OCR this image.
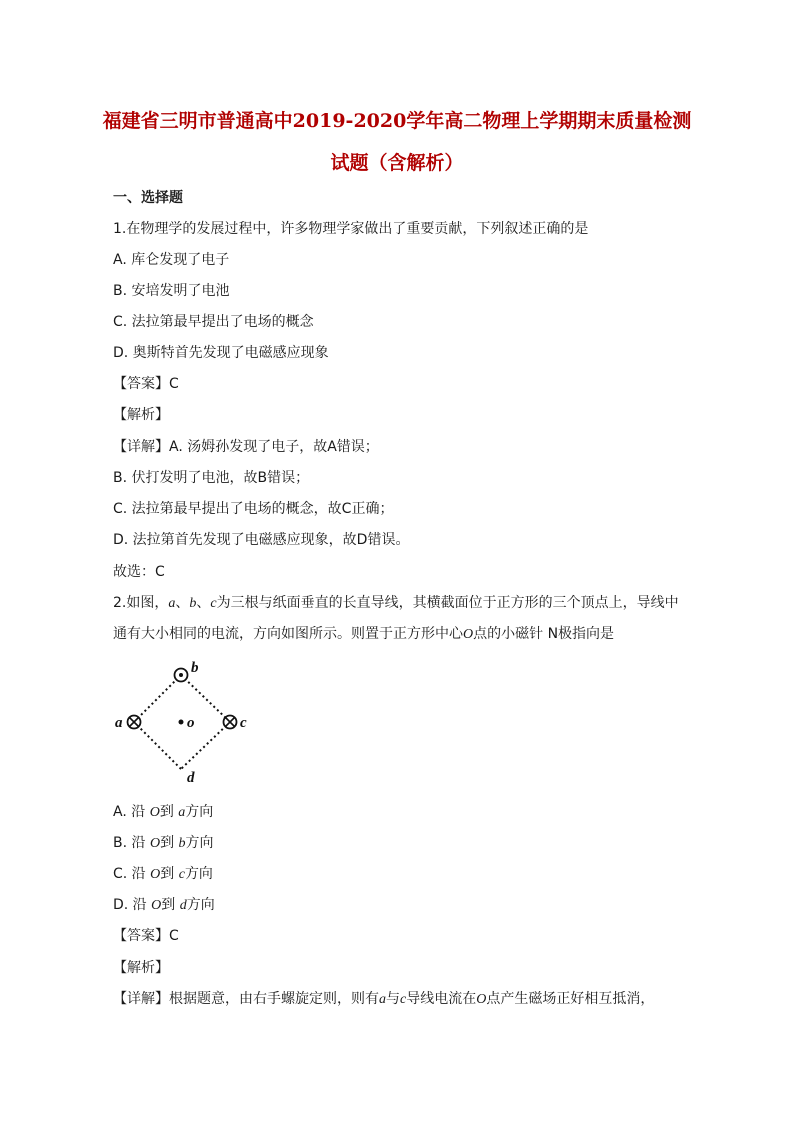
福建省三明市普通高中2019-2020学年高二物理上学期期末质量检测
试题（含解析）

一、选择题

1.在物理学的发展过程中，许多物理学家做出了重要贡献，下列叙述正确的是

A. 库仑发现了电子

B. 安培发明了电池

C. 法拉第最早提出了电场的概念

D. 奥斯特首先发现了电磁感应现象

【答案】C

【解析】

【详解】A. 汤姆孙发现了电子，故A错误；

B. 伏打发明了电池，故B错误；

C. 法拉第最早提出了电场的概念，故C正确；

D. 法拉第首先发现了电磁感应现象，故D错误。

故选：C

2.如图，a、b、c为三根与纸面垂直的长直导线，其横截面位于正方形的三个顶点上，导线中

通有大小相同的电流，方向如图所示。则置于正方形中心O点的小磁针 N极指向是

b
a	c
d
o

A. 沿 O到 a方向

B. 沿 O到 b方向

C. 沿 O到 c方向

D. 沿 O到 d方向

【答案】C

【解析】

【详解】根据题意，由右手螺旋定则，则有a与c导线电流在O点产生磁场正好相互抵消，
